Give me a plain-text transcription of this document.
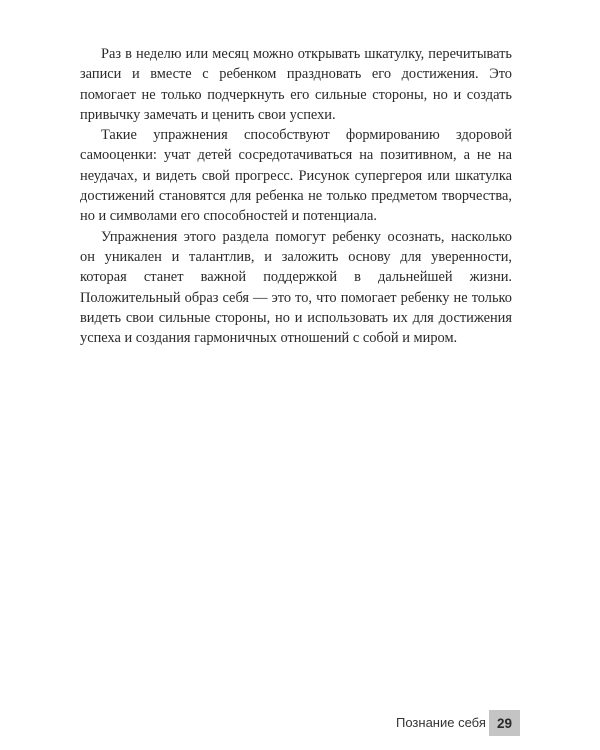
Раз в неделю или месяц можно открывать шкатулку, перечитывать записи и вместе с ребенком праздновать его достижения. Это помогает не только подчеркнуть его сильные стороны, но и создать привычку замечать и ценить свои успехи.

Такие упражнения способствуют формированию здоровой самооценки: учат детей сосредотачиваться на позитивном, а не на неудачах, и видеть свой прогресс. Рисунок супергероя или шкатулка достижений становятся для ребенка не только предметом творчества, но и символами его способностей и потенциала.

Упражнения этого раздела помогут ребенку осознать, насколько он уникален и талантлив, и заложить основу для уверенности, которая станет важной поддержкой в дальнейшей жизни. Положительный образ себя — это то, что помогает ребенку не только видеть свои сильные стороны, но и использовать их для достижения успеха и создания гармоничных отношений с собой и миром.

Познание себя 29
